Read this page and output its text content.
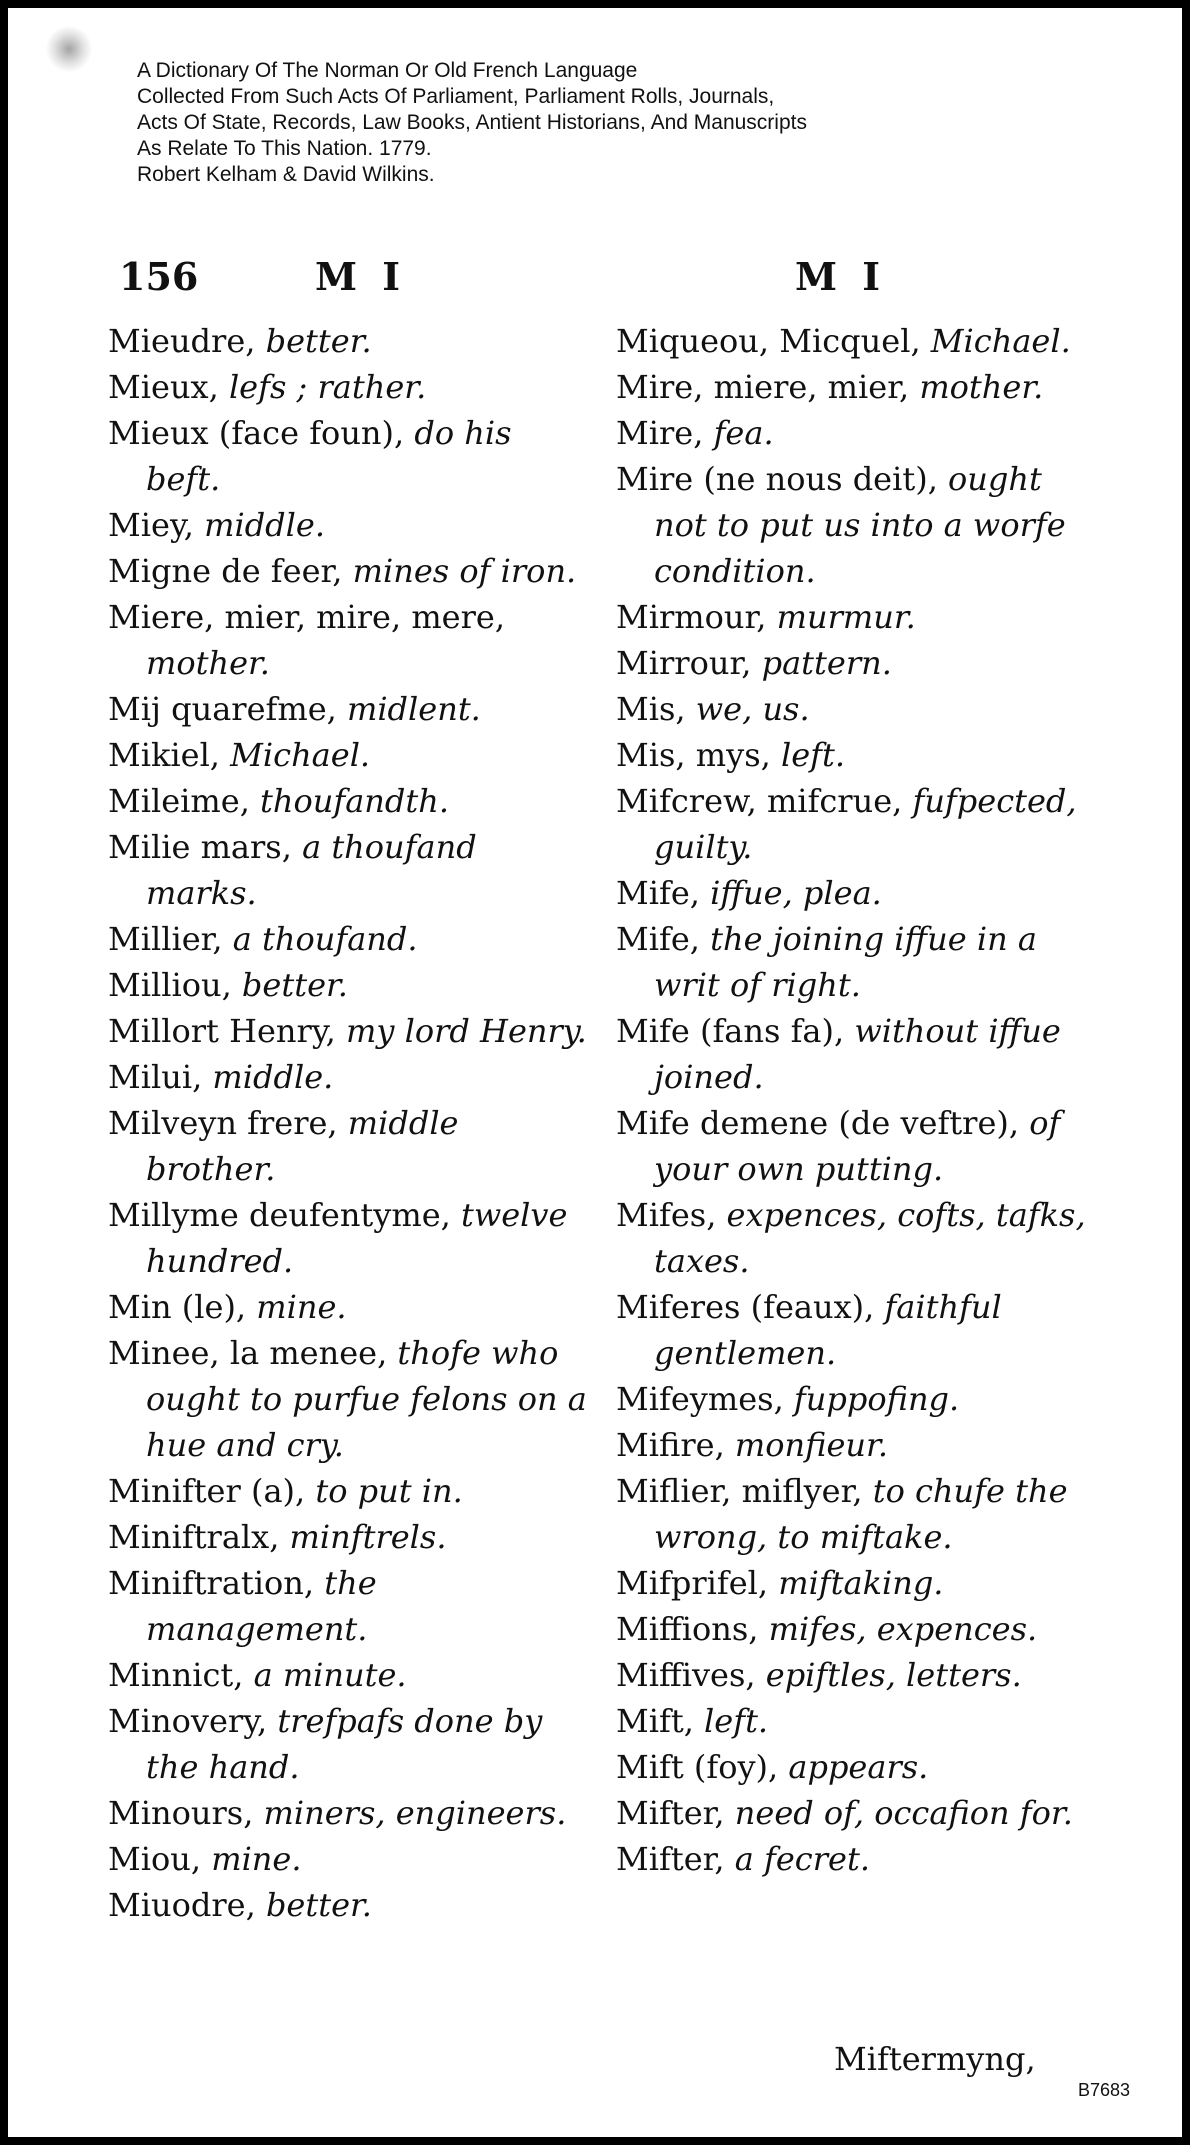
A Dictionary Of The Norman Or Old French Language
Collected From Such Acts Of Parliament, Parliament Rolls, Journals,
Acts Of State, Records, Law Books, Antient Historians, And Manuscripts
As Relate To This Nation. 1779.
Robert Kelham & David Wilkins.
156	M I	M I
Mieudre, better.
Mieux, lefs ; rather.
Mieux (face foun), do his beft.
Miey, middle.
Migne de feer, mines of iron.
Miere, mier, mire, mere, mother.
Mij quarefme, midlent.
Mikiel, Michael.
Mileime, thoufandth.
Milie mars, a thoufand marks.
Millier, a thoufand.
Milliou, better.
Millort Henry, my lord Henry.
Milui, middle.
Milveyn frere, middle brother.
Millyme deufentyme, twelve hundred.
Min (le), mine.
Minee, la menee, thofe who ought to purfue felons on a hue and cry.
Minifter (a), to put in.
Miniftralx, minftrels.
Miniftration, the management.
Minnict, a minute.
Minovery, trefpafs done by the hand.
Minours, miners, engineers.
Miou, mine.
Miuodre, better.
Miqueou, Micquel, Michael.
Mire, miere, mier, mother.
Mire, fea.
Mire (ne nous deit), ought not to put us into a worfe condition.
Mirmour, murmur.
Mirrour, pattern.
Mis, we, us.
Mis, mys, left.
Mifcrew, mifcrue, fufpected, guilty.
Mife, iffue, plea.
Mife, the joining iffue in a writ of right.
Mife (fans fa), without iffue joined.
Mife demene (de veftre), of your own putting.
Mifes, expences, cofts, tafks, taxes.
Miferes (feaux), faithful gentlemen.
Mifeymes, fuppofing.
Mifire, monfieur.
Miflier, miflyer, to chufe the wrong, to miftake.
Mifprifel, miftaking.
Miffions, mifes, expences.
Miffives, epiftles, letters.
Mift, left.
Mift (foy), appears.
Mifter, need of, occafion for.
Mifter, a fecret.
Miftermyng,
B7683
